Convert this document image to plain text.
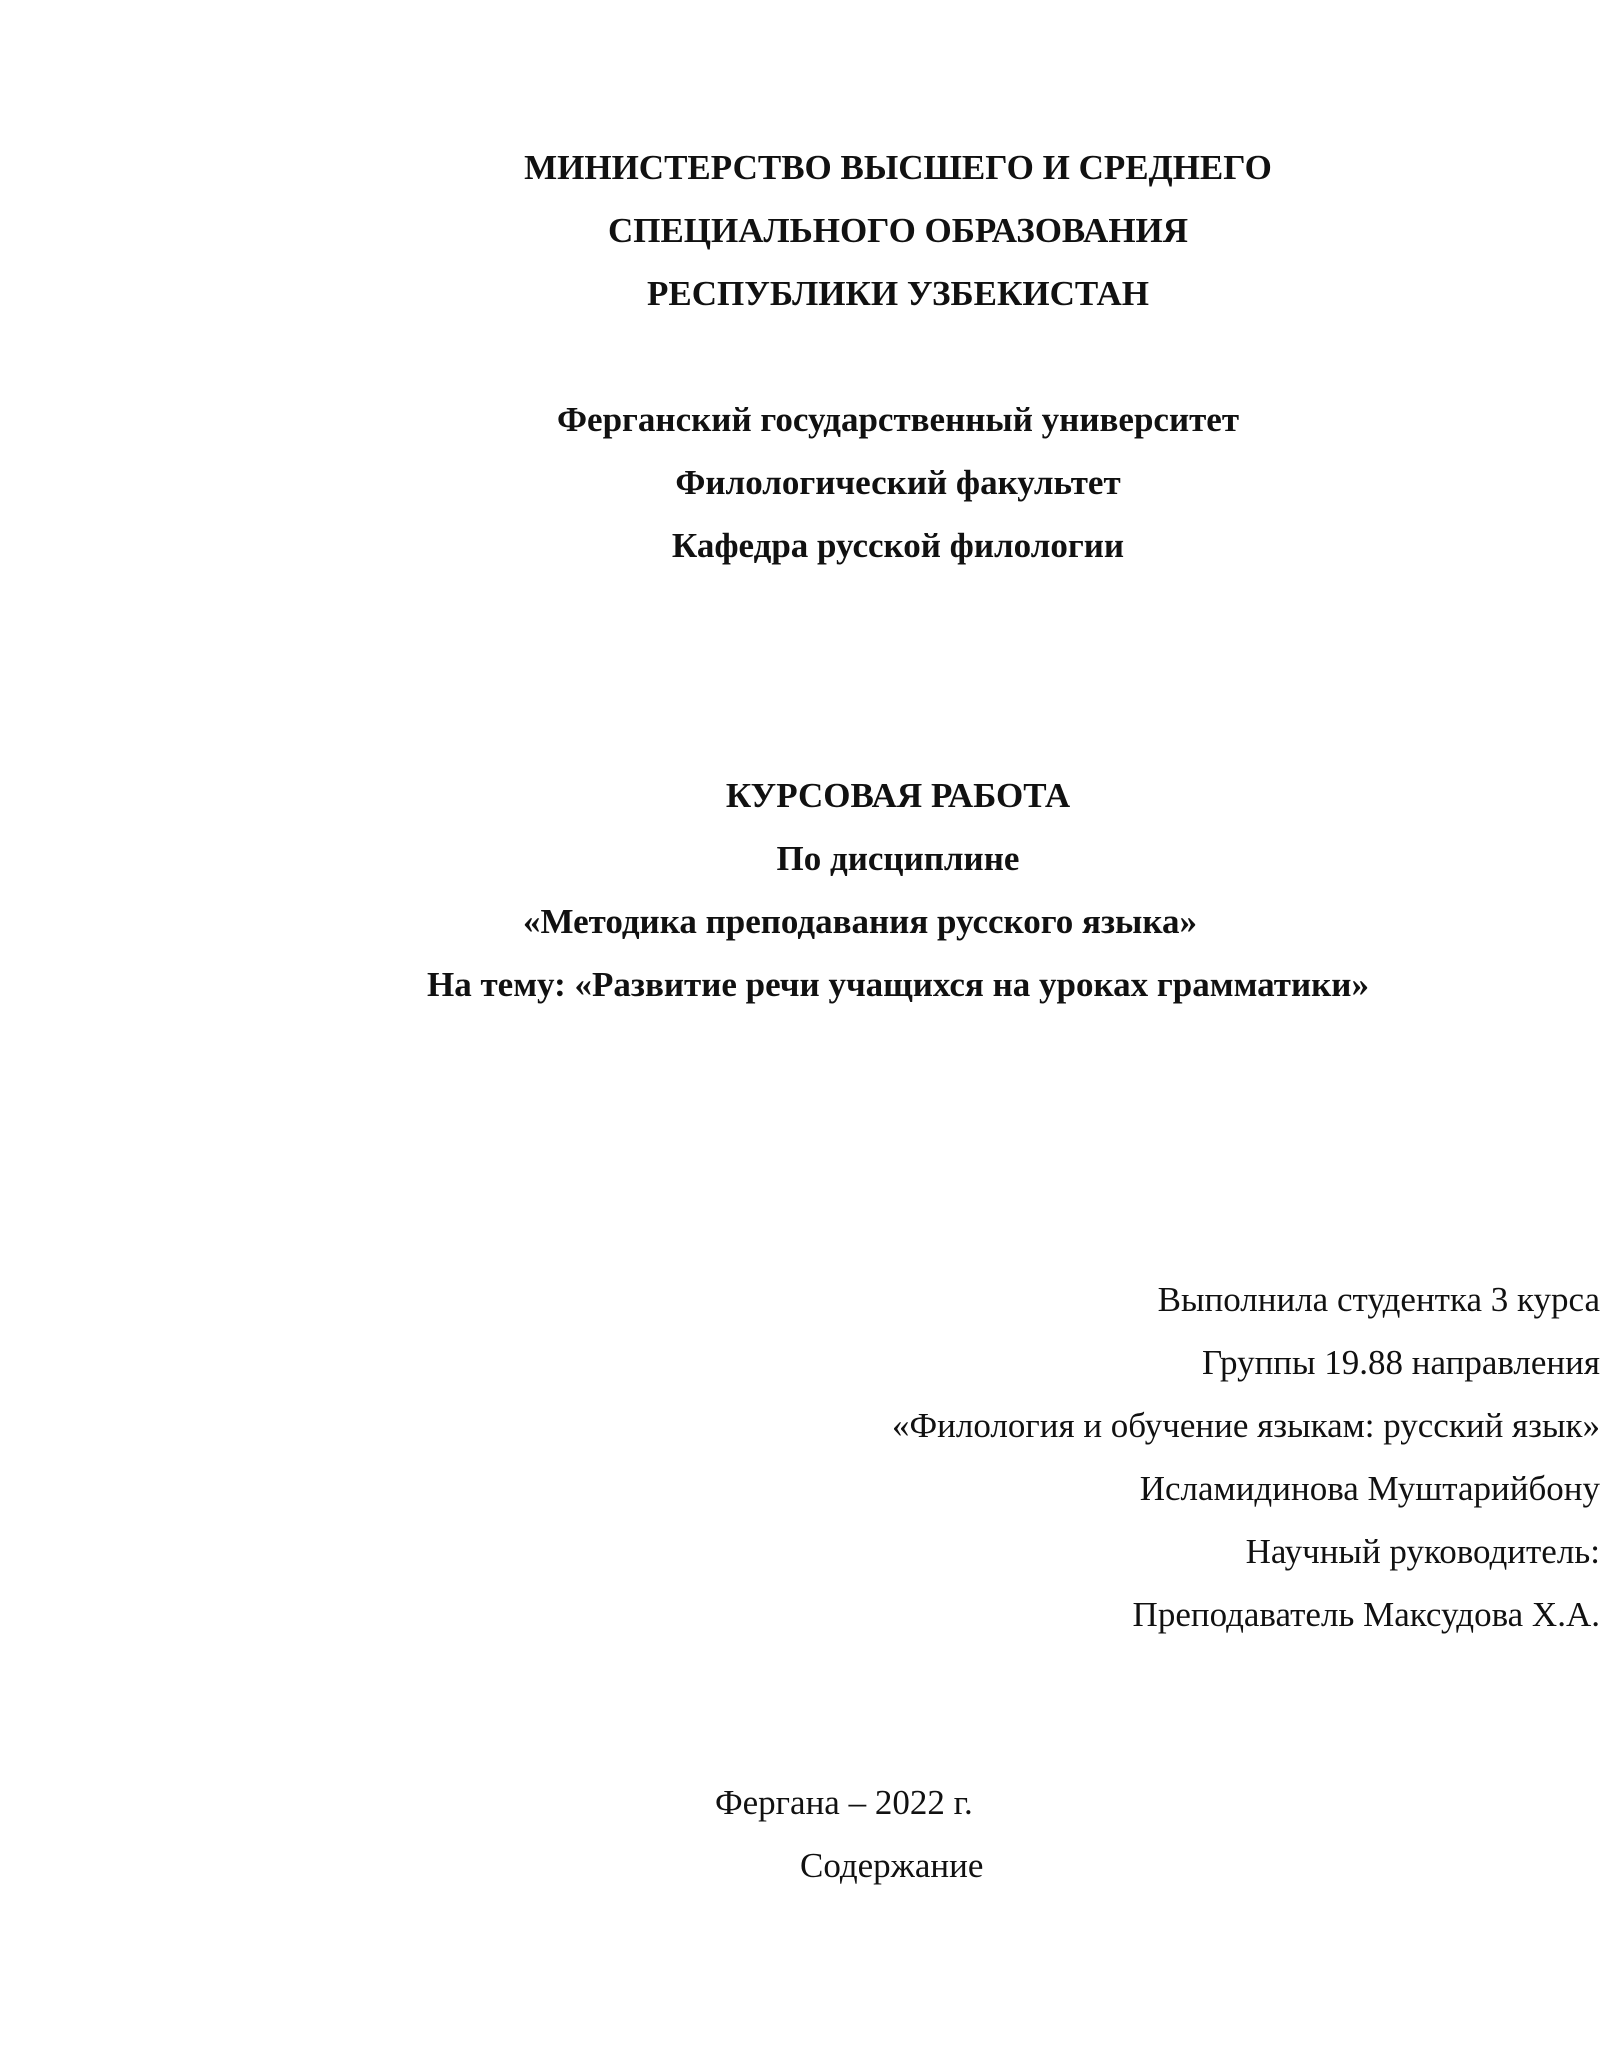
МИНИСТЕРСТВО ВЫСШЕГО И СРЕДНЕГО
СПЕЦИАЛЬНОГО ОБРАЗОВАНИЯ
РЕСПУБЛИКИ УЗБЕКИСТАН
Ферганский государственный университет
Филологический факультет
Кафедра русской филологии
КУРСОВАЯ РАБОТА
По дисциплине
«Методика преподавания русского языка»
На тему: «Развитие речи учащихся на уроках грамматики»
Выполнила студентка 3 курса
Группы 19.88 направления
«Филология и обучение языкам: русский язык»
Исламидинова Муштарийбону
Научный руководитель:
Преподаватель Максудова Х.А.
Фергана – 2022 г.
Содержание
